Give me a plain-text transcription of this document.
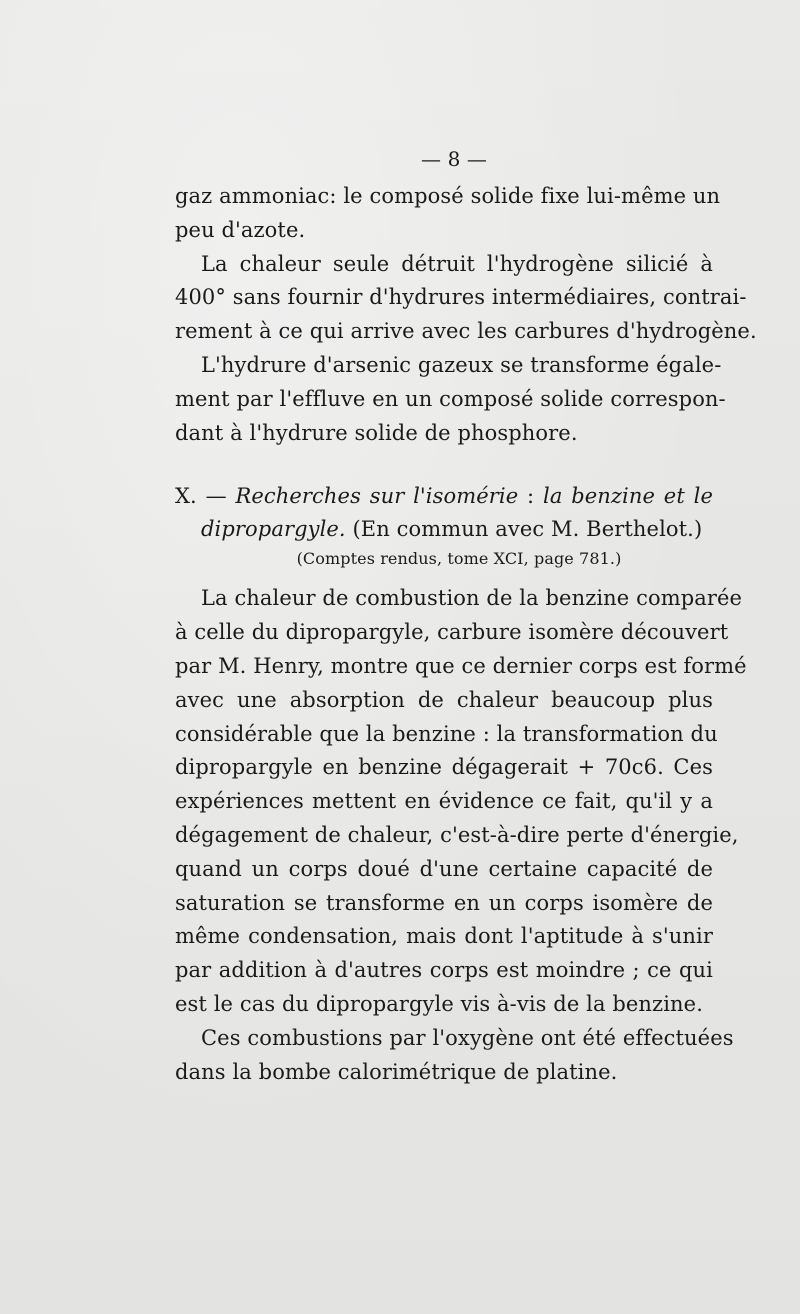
— 8 —
gaz ammoniac: le composé solide fixe lui-même un
peu d'azote.
La chaleur seule détruit l'hydrogène silicié à
400° sans fournir d'hydrures intermédiaires, contrai-
rement à ce qui arrive avec les carbures d'hydrogène.
L'hydrure d'arsenic gazeux se transforme égale-
ment par l'effluve en un composé solide correspon-
dant à l'hydrure solide de phosphore.
X. — Recherches sur l'isomérie : la benzine et le
dipropargyle. (En commun avec M. Berthelot.)
(Comptes rendus, tome XCI, page 781.)
La chaleur de combustion de la benzine comparée
à celle du dipropargyle, carbure isomère découvert
par M. Henry, montre que ce dernier corps est formé
avec une absorption de chaleur beaucoup plus
considérable que la benzine : la transformation du
dipropargyle en benzine dégagerait + 70c6. Ces
expériences mettent en évidence ce fait, qu'il y a
dégagement de chaleur, c'est-à-dire perte d'énergie,
quand un corps doué d'une certaine capacité de
saturation se transforme en un corps isomère de
même condensation, mais dont l'aptitude à s'unir
par addition à d'autres corps est moindre ; ce qui
est le cas du dipropargyle vis à-vis de la benzine.
Ces combustions par l'oxygène ont été effectuées
dans la bombe calorimétrique de platine.
